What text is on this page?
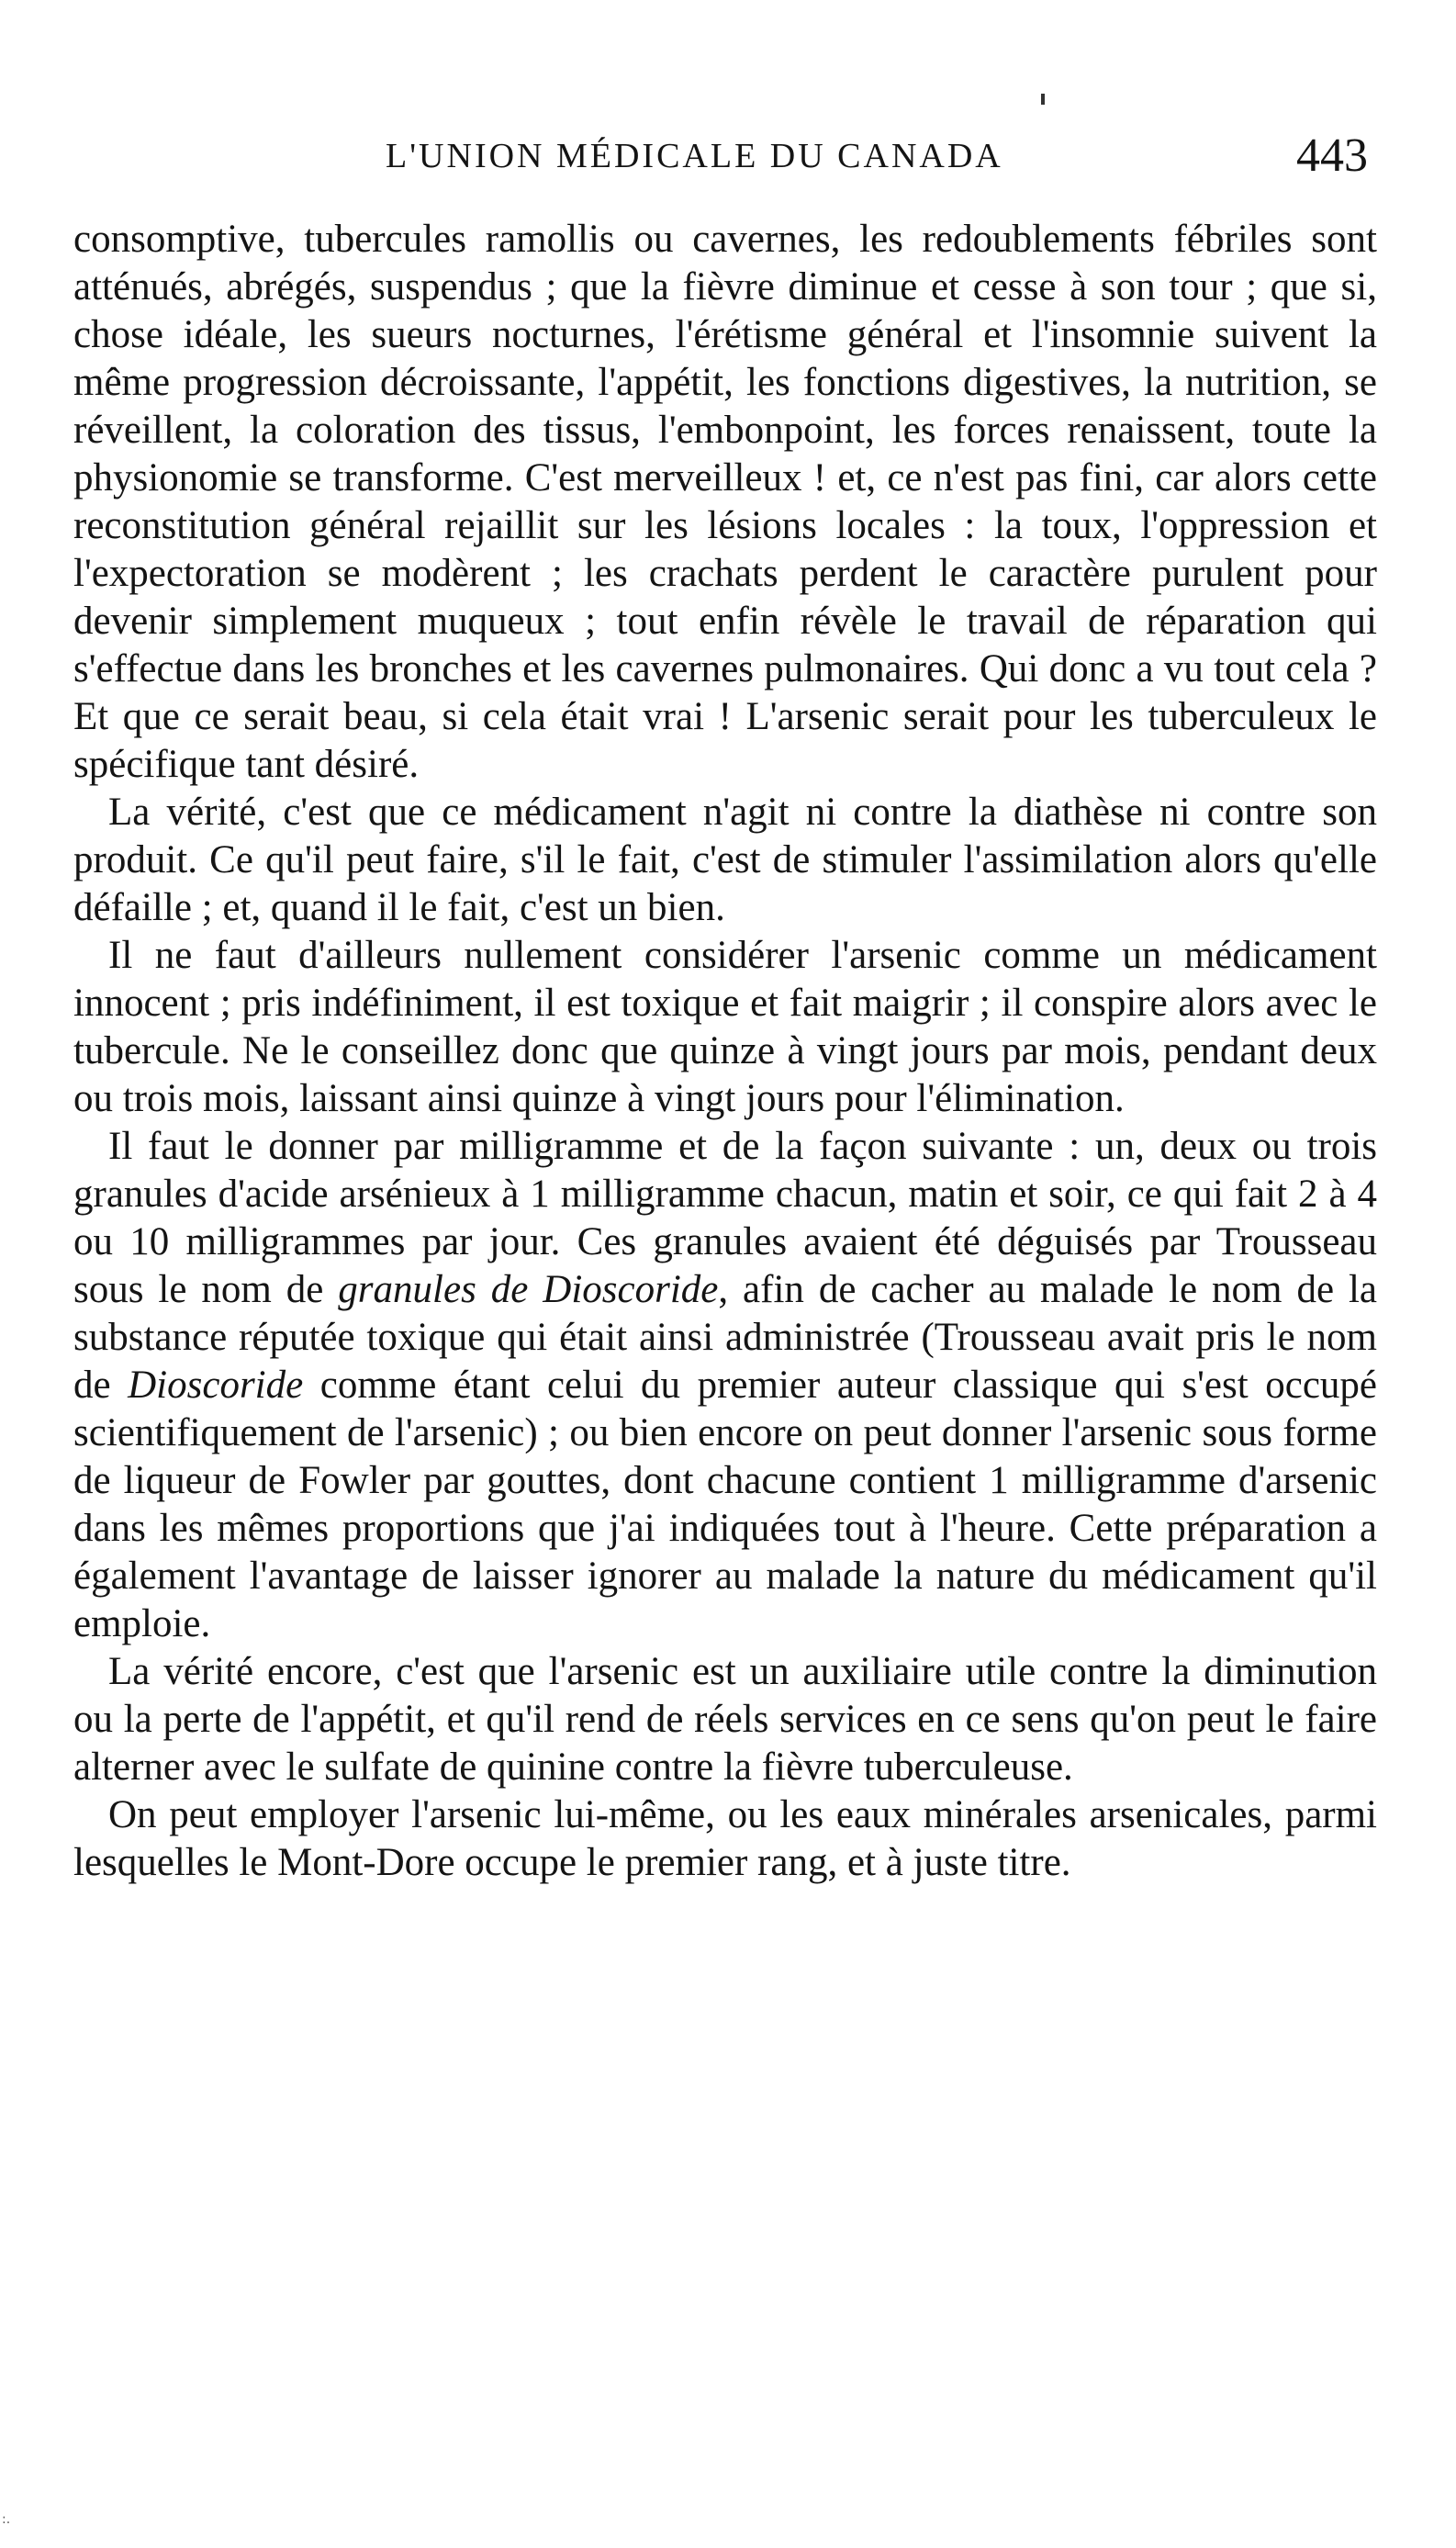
L'UNION MÉDICALE DU CANADA	443

consomptive, tubercules ramollis ou cavernes, les redoublements fébriles sont atténués, abrégés, suspendus ; que la fièvre diminue et cesse à son tour ; que si, chose idéale, les sueurs nocturnes, l'érétisme général et l'insomnie suivent la même progression décroissante, l'appétit, les fonctions digestives, la nutrition, se réveillent, la coloration des tissus, l'embonpoint, les forces renaissent, toute la physionomie se transforme. C'est merveilleux ! et, ce n'est pas fini, car alors cette reconstitution général rejaillit sur les lésions locales : la toux, l'oppression et l'expectoration se modèrent ; les crachats perdent le caractère purulent pour devenir simplement muqueux ; tout enfin révèle le travail de réparation qui s'effectue dans les bronches et les cavernes pulmonaires. Qui donc a vu tout cela ? Et que ce serait beau, si cela était vrai ! L'arsenic serait pour les tuberculeux le spécifique tant désiré.

La vérité, c'est que ce médicament n'agit ni contre la diathèse ni contre son produit. Ce qu'il peut faire, s'il le fait, c'est de stimuler l'assimilation alors qu'elle défaille ; et, quand il le fait, c'est un bien.

Il ne faut d'ailleurs nullement considérer l'arsenic comme un médicament innocent ; pris indéfiniment, il est toxique et fait maigrir ; il conspire alors avec le tubercule. Ne le conseillez donc que quinze à vingt jours par mois, pendant deux ou trois mois, laissant ainsi quinze à vingt jours pour l'élimination.

Il faut le donner par milligramme et de la façon suivante : un, deux ou trois granules d'acide arsénieux à 1 milligramme chacun, matin et soir, ce qui fait 2 à 4 ou 10 milligrammes par jour. Ces granules avaient été déguisés par Trousseau sous le nom de granules de Dioscoride, afin de cacher au malade le nom de la substance réputée toxique qui était ainsi administrée (Trousseau avait pris le nom de Dioscoride comme étant celui du premier auteur classique qui s'est occupé scientifiquement de l'arsenic) ; ou bien encore on peut donner l'arsenic sous forme de liqueur de Fowler par gouttes, dont chacune contient 1 milligramme d'arsenic dans les mêmes proportions que j'ai indiquées tout à l'heure. Cette préparation a également l'avantage de laisser ignorer au malade la nature du médicament qu'il emploie.

La vérité encore, c'est que l'arsenic est un auxiliaire utile contre la diminution ou la perte de l'appétit, et qu'il rend de réels services en ce sens qu'on peut le faire alterner avec le sulfate de quinine contre la fièvre tuberculeuse.

On peut employer l'arsenic lui-même, ou les eaux minérales arsenicales, parmi lesquelles le Mont-Dore occupe le premier rang, et à juste titre.

:.
